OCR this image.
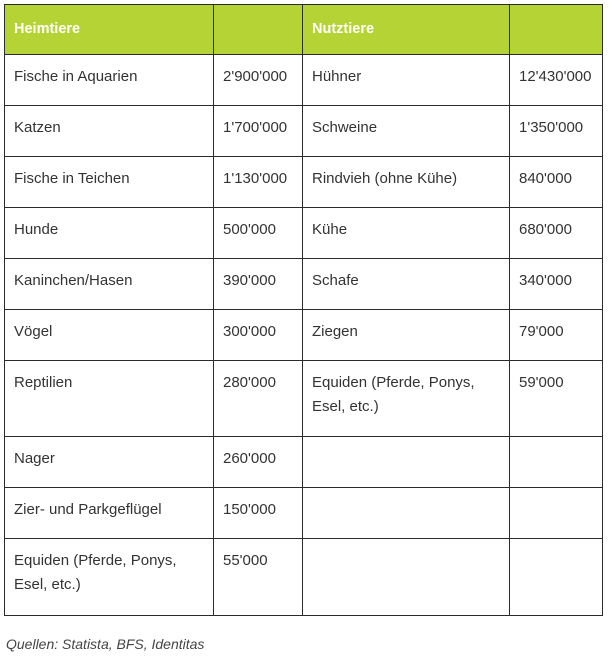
Heimtiere		Nutztiere	
Fische in Aquarien	2'900'000	Hühner	12'430'000
Katzen	1'700'000	Schweine	1'350'000
Fische in Teichen	1'130'000	Rindvieh (ohne Kühe)	840'000
Hunde	500'000	Kühe	680'000
Kaninchen/Hasen	390'000	Schafe	340'000
Vögel	300'000	Ziegen	79'000
Reptilien	280'000	Equiden (Pferde, Ponys, Esel, etc.)	59'000
Nager	260'000		
Zier- und Parkgeflügel	150'000		
Equiden (Pferde, Ponys, Esel, etc.)	55'000		
Quellen: Statista, BFS, Identitas
